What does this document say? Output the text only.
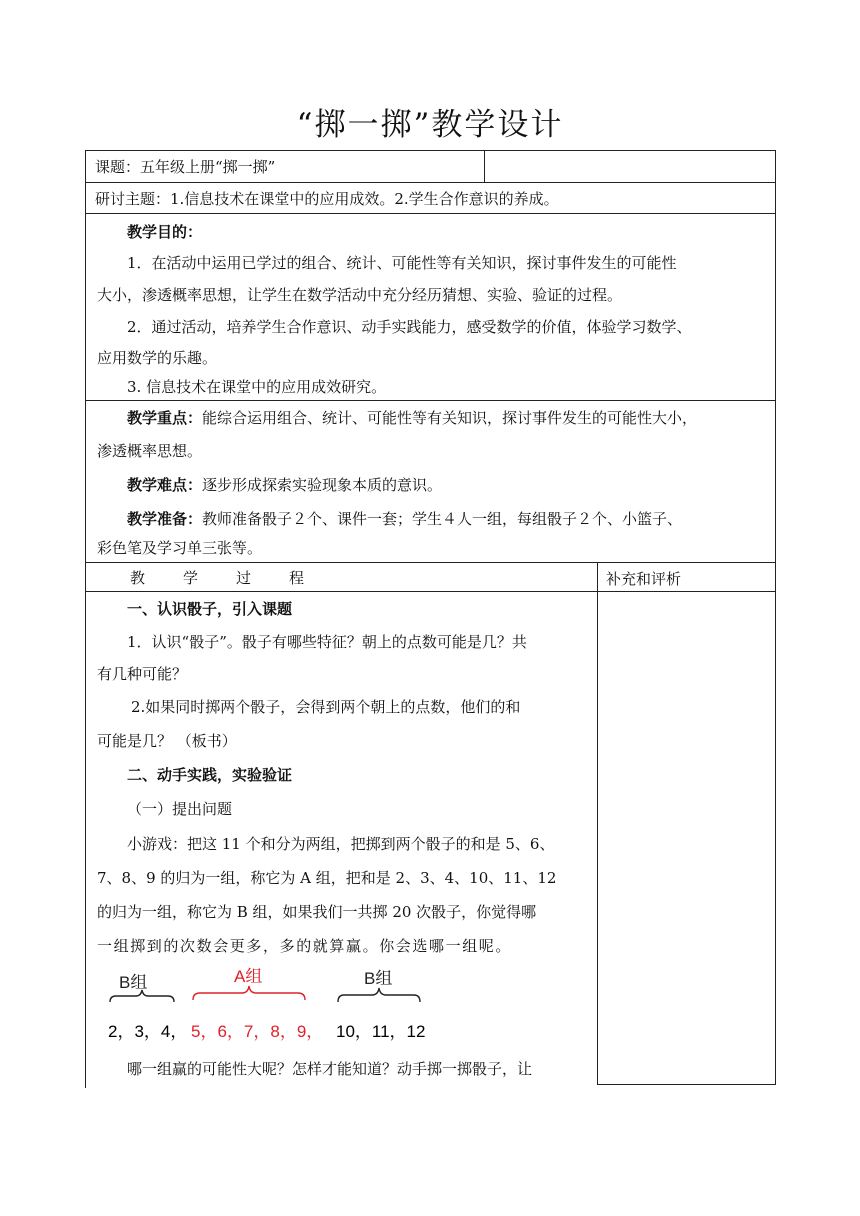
“掷一掷”教学设计
课题：五年级上册“掷一掷”
研讨主题：1.信息技术在课堂中的应用成效。2.学生合作意识的养成。
教学目的：
1．在活动中运用已学过的组合、统计、可能性等有关知识，探讨事件发生的可能性
大小，渗透概率思想，让学生在数学活动中充分经历猜想、实验、验证的过程。
2．通过活动，培养学生合作意识、动手实践能力，感受数学的价值，体验学习数学、
应用数学的乐趣。
3. 信息技术在课堂中的应用成效研究。
教学重点：能综合运用组合、统计、可能性等有关知识，探讨事件发生的可能性大小，
渗透概率思想。
教学难点：逐步形成探索实验现象本质的意识。
教学准备：教师准备骰子２个、课件一套；学生４人一组，每组骰子２个、小篮子、
彩色笔及学习单三张等。
教	学	过	程	补充和评析
一、认识骰子，引入课题
1．认识“骰子”。骰子有哪些特征？朝上的点数可能是几？共
有几种可能？
2.如果同时掷两个骰子，会得到两个朝上的点数，他们的和
可能是几？ （板书）
二、动手实践，实验验证
（一）提出问题
小游戏：把这 11 个和分为两组，把掷到两个骰子的和是 5、6、
7、8、9 的归为一组，称它为 A 组，把和是 2、3、4、10、11、12
的归为一组，称它为 B 组，如果我们一共掷 20 次骰子，你觉得哪
一组掷到的次数会更多，多的就算赢。你会选哪一组呢。
B组	A组	B组
2，3，4， 5，6，7，8，9， 10，11，12
哪一组赢的可能性大呢？怎样才能知道？动手掷一掷骰子，让
